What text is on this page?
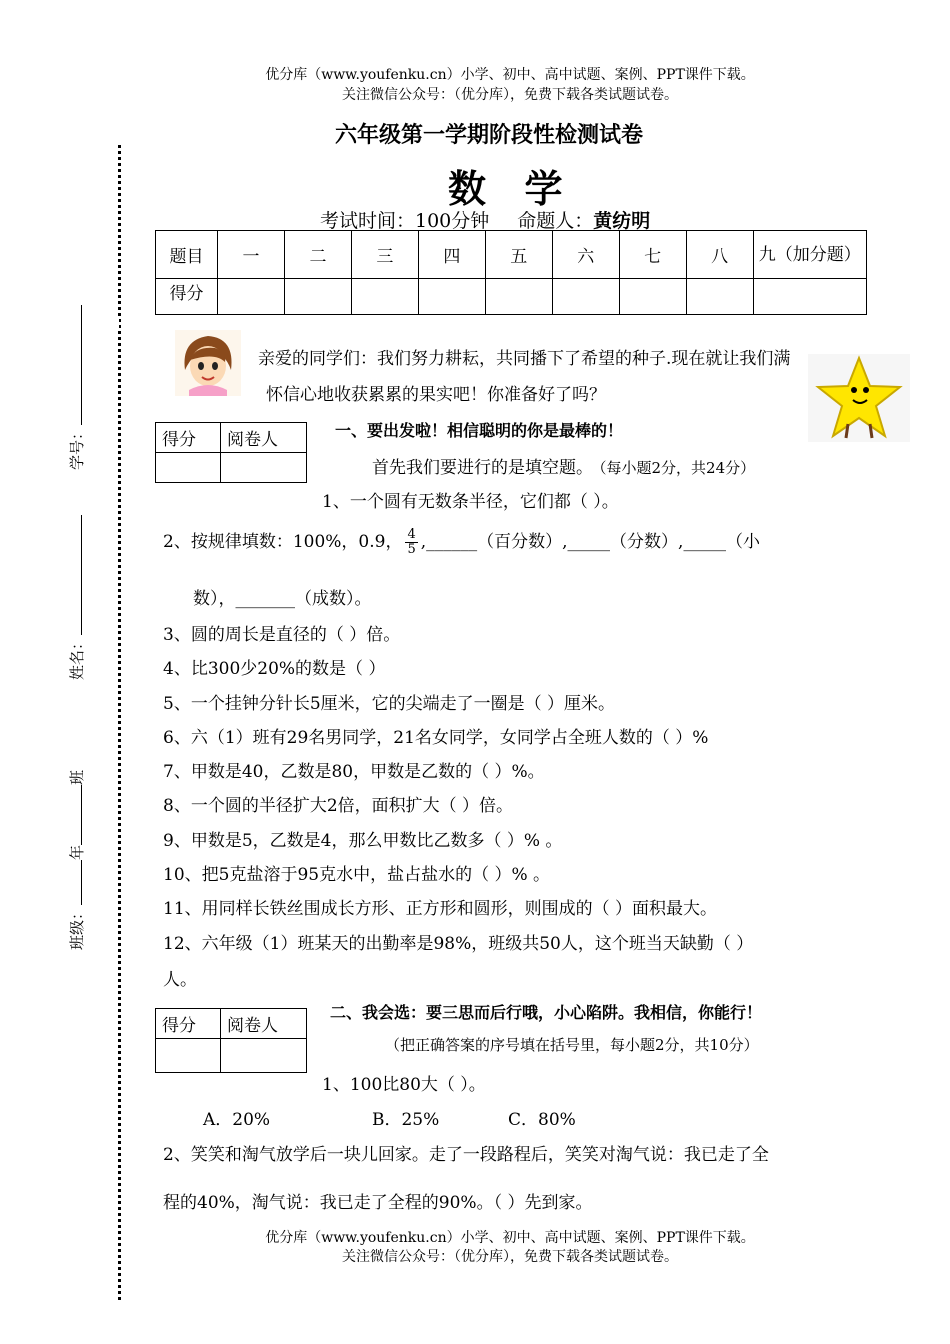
优分库（www.youfenku.cn）小学、初中、高中试题、案例、PPT课件下载。
关注微信公众号：（优分库），免费下载各类试题试卷。
学号：
姓名：
班级：年班
六年级第一学期阶段性检测试卷
数  学
考试时间：100分钟 命题人：黄纺明
题目	一	二	三	四	五	六	七	八	九（加分题）
得分									
亲爱的同学们：我们努力耕耘，共同播下了希望的种子.现在就让我们满
怀信心地收获累累的果实吧！你准备好了吗？
得分	阅卷人
		一、要出发啦！相信聪明的你是最棒的！
首先我们要进行的是填空题。 （每小题2分，共24分）
1、一个圆有无数条半径，它们都（ ）。
2、按规律填数：100%，0.9， $\frac{4}{5}$ ,______（百分数）,_____（分数）,_____（小
数），_______（成数）。
3、圆的周长是直径的（ ）倍。
4、比300少20%的数是（ ）
5、一个挂钟分针长5厘米，它的尖端走了一圈是（ ）厘米。
6、六（1）班有29名男同学，21名女同学，女同学占全班人数的（ ）%
7、甲数是40，乙数是80，甲数是乙数的（ ）%。
8、一个圆的半径扩大2倍，面积扩大（ ）倍。
9、甲数是5，乙数是4，那么甲数比乙数多（ ）% 。
10、把5克盐溶于95克水中，盐占盐水的（ ）% 。
11、用同样长铁丝围成长方形、正方形和圆形，则围成的（ ）面积最大。
12、六年级（1）班某天的出勤率是98%，班级共50人，这个班当天缺勤（ ）
人。
得分	阅卷人

二、我会选：要三思而后行哦，小心陷阱。我相信，你能行！
（把正确答案的序号填在括号里，每小题2分，共10分）
1、100比80大（ ）。
A．20%	B．25%	C．80%
2、笑笑和淘气放学后一块儿回家。走了一段路程后，笑笑对淘气说：我已走了全
程的40%，淘气说：我已走了全程的90%。（ ）先到家。
优分库（www.youfenku.cn）小学、初中、高中试题、案例、PPT课件下载。
关注微信公众号：（优分库），免费下载各类试题试卷。
